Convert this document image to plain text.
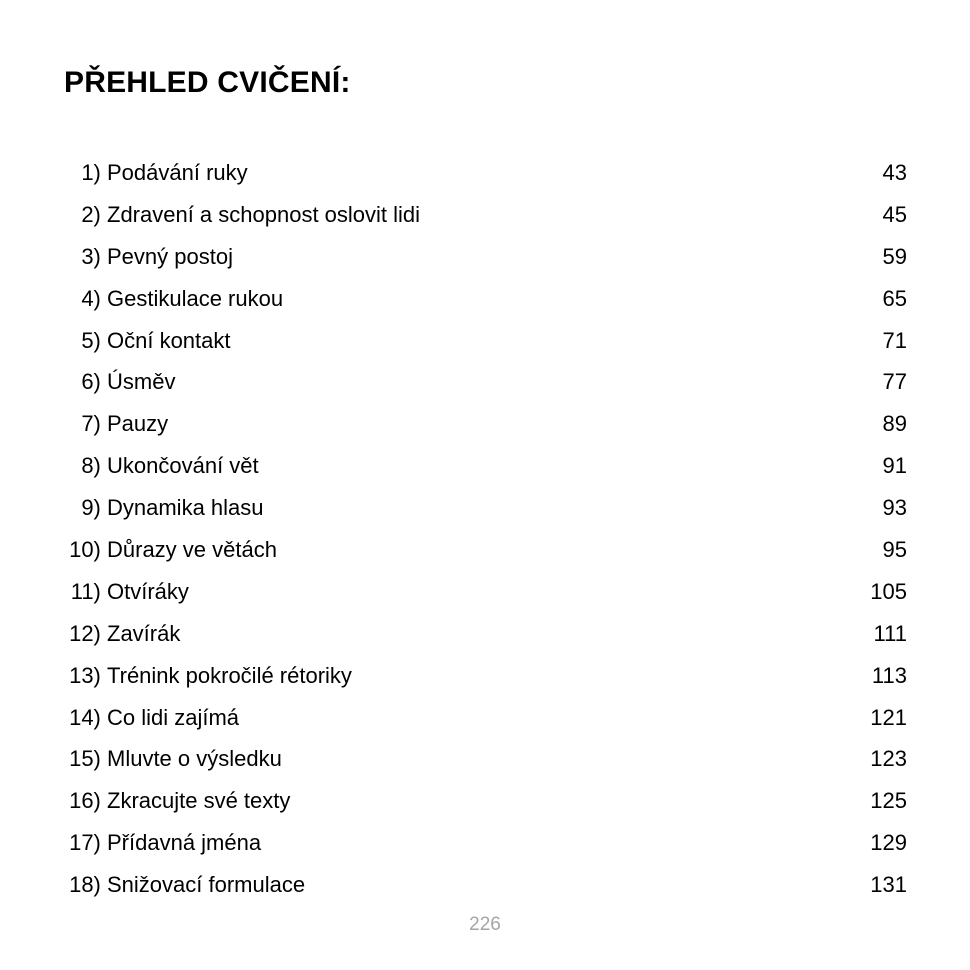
PŘEHLED CVIČENÍ:
1) Podávání ruky	43
2) Zdravení a schopnost oslovit lidi	45
3) Pevný postoj	59
4) Gestikulace rukou	65
5) Oční kontakt	71
6) Úsměv	77
7) Pauzy	89
8) Ukončování vět	91
9) Dynamika hlasu	93
10) Důrazy ve větách	95
11) Otvíráky	105
12) Zavírák	111
13) Trénink pokročilé rétoriky	113
14) Co lidi zajímá	121
15) Mluvte o výsledku	123
16) Zkracujte své texty	125
17) Přídavná jména	129
18) Snižovací formulace	131
226
